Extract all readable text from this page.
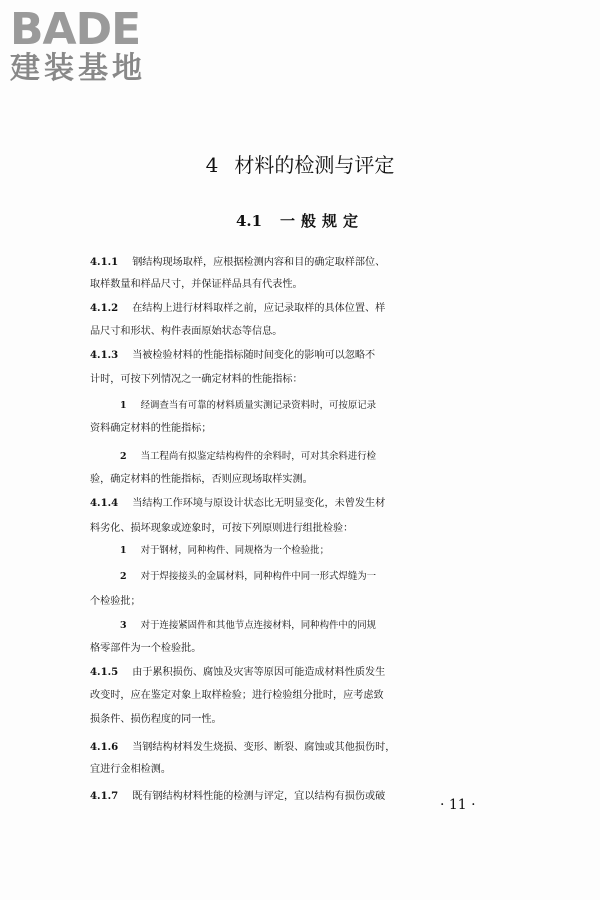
BADE
建装基地
4 材料的检测与评定
4.1 一般规定
4.1.1 钢结构现场取样，应根据检测内容和目的确定取样部位、
取样数量和样品尺寸，并保证样品具有代表性。
4.1.2 在结构上进行材料取样之前，应记录取样的具体位置、样
品尺寸和形状、构件表面原始状态等信息。
4.1.3 当被检验材料的性能指标随时间变化的影响可以忽略不
计时，可按下列情况之一确定材料的性能指标：
1 经调查当有可靠的材料质量实测记录资料时，可按原记录
资料确定材料的性能指标；
2 当工程尚有拟鉴定结构构件的余料时，可对其余料进行检
验，确定材料的性能指标，否则应现场取样实测。
4.1.4 当结构工作环境与原设计状态比无明显变化，未曾发生材
料劣化、损坏现象或迹象时，可按下列原则进行组批检验：
1 对于钢材，同种构件、同规格为一个检验批；
2 对于焊接接头的金属材料，同种构件中同一形式焊缝为一
个检验批；
3 对于连接紧固件和其他节点连接材料，同种构件中的同规
格零部件为一个检验批。
4.1.5 由于累积损伤、腐蚀及灾害等原因可能造成材料性质发生
改变时，应在鉴定对象上取样检验；进行检验组分批时，应考虑致
损条件、损伤程度的同一性。
4.1.6 当钢结构材料发生烧损、变形、断裂、腐蚀或其他损伤时，
宜进行金相检测。
4.1.7 既有钢结构材料性能的检测与评定，宜以结构有损伤或破
· 11 ·
